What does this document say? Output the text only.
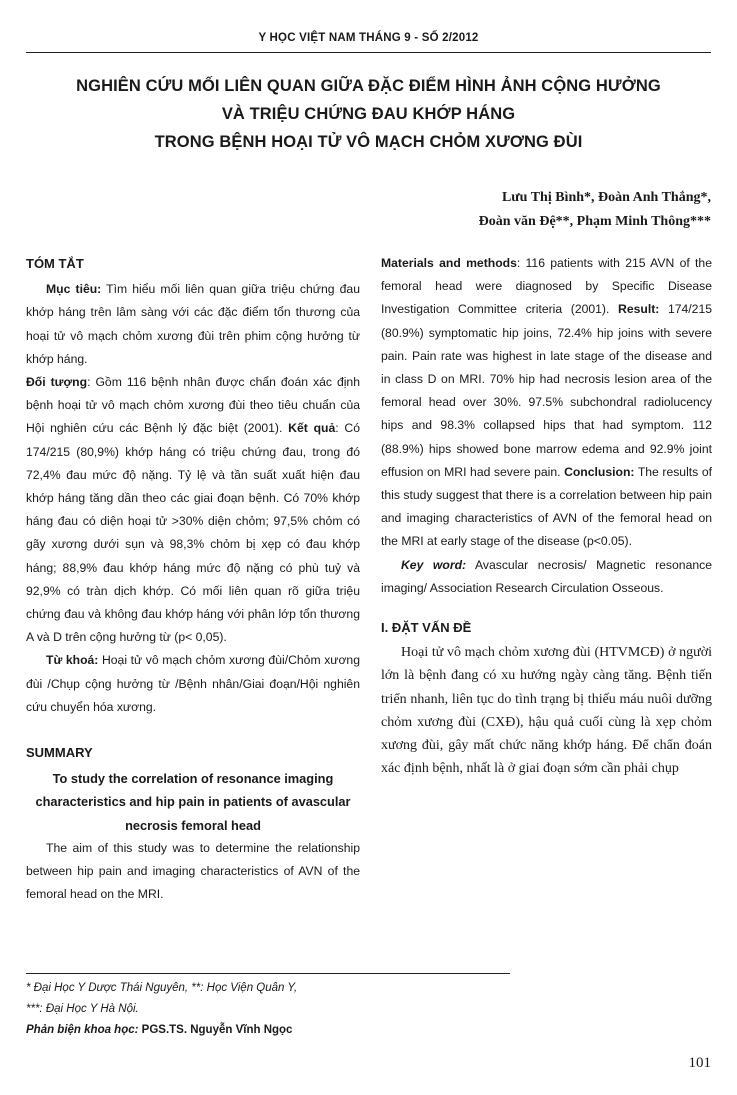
Y HỌC VIỆT NAM THÁNG 9 - SỐ 2/2012
NGHIÊN CỨU MỐI LIÊN QUAN GIỮA ĐẶC ĐIỂM HÌNH ẢNH CỘNG HƯỞNG
VÀ TRIỆU CHỨNG ĐAU KHỚP HÁNG
TRONG BỆNH HOẠI TỬ VÔ MẠCH CHỎM XƯƠNG ĐÙI
Lưu Thị Bình*, Đoàn Anh Thắng*,
Đoàn văn Đệ**, Phạm Minh Thông***
TÓM TẮT

Mục tiêu: Tìm hiểu mối liên quan giữa triệu chứng đau khớp háng trên lâm sàng với các đặc điểm tổn thương của hoại tử vô mạch chỏm xương đùi trên phim cộng hưởng từ khớp háng.

Đối tượng: Gồm 116 bệnh nhân được chẩn đoán xác định bệnh hoại tử vô mạch chỏm xương đùi theo tiêu chuẩn của Hội nghiên cứu các Bệnh lý đặc biệt (2001). Kết quả: Có 174/215 (80,9%) khớp háng có triệu chứng đau, trong đó 72,4% đau mức độ nặng. Tỷ lệ và tần suất xuất hiện đau khớp háng tăng dần theo các giai đoạn bệnh. Có 70% khớp háng đau có diện hoại tử >30% diện chỏm; 97,5% chỏm có gãy xương dưới sụn và 98,3% chỏm bị xẹp có đau khớp háng; 88,9% đau khớp háng mức độ nặng có phù tuỷ và 92,9% có tràn dịch khớp. Có mối liên quan rõ giữa triệu chứng đau và không đau khớp háng với phân lớp tổn thương A và D trên cộng hưởng từ (p< 0,05).

Từ khoá: Hoại tử vô mạch chỏm xương đùi/Chỏm xương đùi /Chụp cộng hưởng từ /Bệnh nhân/Giai đoạn/Hội nghiên cứu chuyển hóa xương.

SUMMARY

To study the correlation of resonance imaging characteristics and hip pain in patients of avascular necrosis femoral head

The aim of this study was to determine the relationship between hip pain and imaging characteristics of AVN of the femoral head on the MRI.

Materials and methods: 116 patients with 215 AVN of the femoral head were diagnosed by Specific Disease Investigation Committee criteria (2001). Result: 174/215 (80.9%) symptomatic hip joins, 72.4% hip joins with severe pain. Pain rate was highest in late stage of the disease and in class D on MRI. 70% hip had necrosis lesion area of the femoral head over 30%. 97.5% subchondral radiolucency hips and 98.3% collapsed hips that had symptom. 112 (88.9%) hips showed bone marrow edema and 92.9% joint effusion on MRI had severe pain. Conclusion: The results of this study suggest that there is a correlation between hip pain and imaging characteristics of AVN of the femoral head on the MRI at early stage of the disease (p<0.05).

Key word: Avascular necrosis/ Magnetic resonance imaging/ Association Research Circulation Osseous.

I. ĐẶT VẤN ĐỀ

Hoại tử vô mạch chỏm xương đùi (HTVMCĐ) ở người lớn là bệnh đang có xu hướng ngày càng tăng. Bệnh tiến triển nhanh, liên tục do tình trạng bị thiếu máu nuôi dưỡng chỏm xương đùi (CXĐ), hậu quả cuối cùng là xẹp chỏm xương đùi, gây mất chức năng khớp háng. Để chẩn đoán xác định bệnh, nhất là ở giai đoạn sớm cần phải chụp

* Đại Học Y Dược Thái Nguyên, **: Học Viện Quân Y,
***: Đại Học Y Hà Nội.
Phản biện khoa học: PGS.TS. Nguyễn Vĩnh Ngọc
101
